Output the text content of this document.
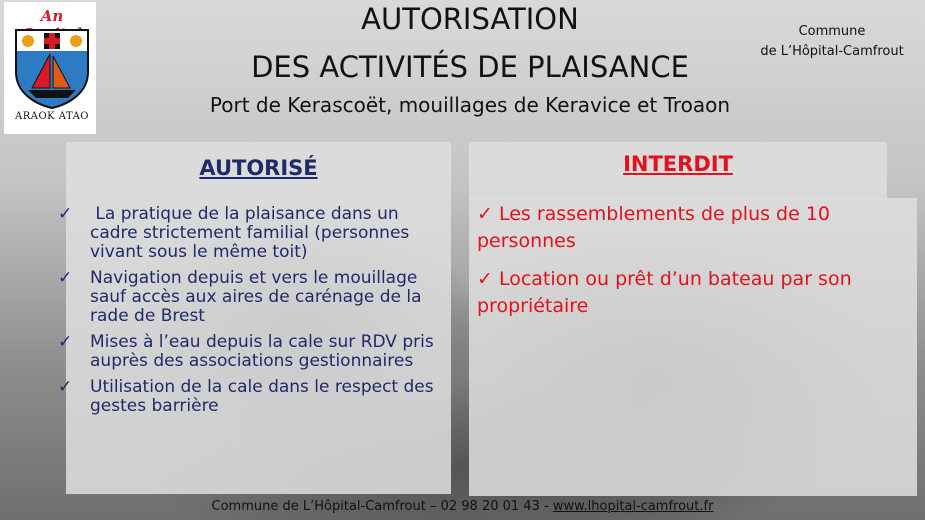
An
ARAOK ATAO
AUTORISATION
DES ACTIVITÉS DE PLAISANCE
Port de Kerascoët, mouillages de Keravice et Troaon
Commune
de L’Hôpital-Camfrout
AUTORISÉ	INTERDIT
✓ La pratique de la plaisance dans un cadre strictement familial (personnes vivant sous le même toit)
✓ Navigation depuis et vers le mouillage sauf accès aux aires de carénage de la rade de Brest
✓ Mises à l’eau depuis la cale sur RDV pris auprès des associations gestionnaires
✓ Utilisation de la cale dans le respect des gestes barrière
✓ Les rassemblements de plus de 10 personnes
✓ Location ou prêt d’un bateau par son propriétaire
Commune de L’Hôpital-Camfrout – 02 98 20 01 43 - www.lhopital-camfrout.fr
